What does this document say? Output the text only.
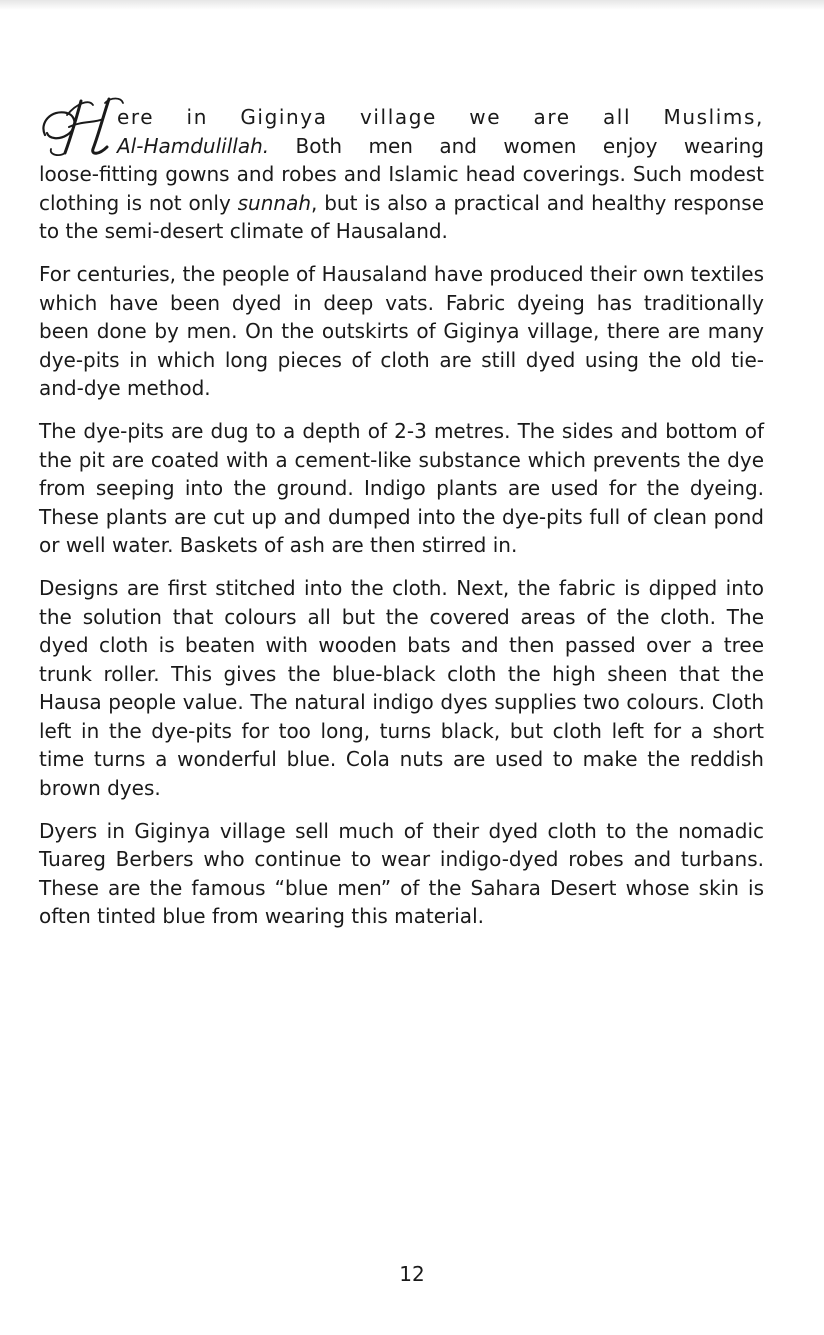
ere in Giginya village we are all Muslims,
Al-Hamdulillah. Both men and women enjoy wearing
loose-fitting gowns and robes and Islamic head coverings. Such modest clothing is not only sunnah, but is also a practical and healthy response to the semi-desert climate of Hausaland.

For centuries, the people of Hausaland have produced their own textiles which have been dyed in deep vats. Fabric dyeing has traditionally been done by men. On the outskirts of Giginya village, there are many dye-pits in which long pieces of cloth are still dyed using the old tie-and-dye method.

The dye-pits are dug to a depth of 2-3 metres. The sides and bottom of the pit are coated with a cement-like substance which prevents the dye from seeping into the ground. Indigo plants are used for the dyeing. These plants are cut up and dumped into the dye-pits full of clean pond or well water. Baskets of ash are then stirred in.

Designs are first stitched into the cloth. Next, the fabric is dipped into the solution that colours all but the covered areas of the cloth. The dyed cloth is beaten with wooden bats and then passed over a tree trunk roller. This gives the blue-black cloth the high sheen that the Hausa people value. The natural indigo dyes supplies two colours. Cloth left in the dye-pits for too long, turns black, but cloth left for a short time turns a wonderful blue. Cola nuts are used to make the reddish brown dyes.

Dyers in Giginya village sell much of their dyed cloth to the nomadic Tuareg Berbers who continue to wear indigo-dyed robes and turbans. These are the famous “blue men” of the Sahara Desert whose skin is often tinted blue from wearing this material.

12
